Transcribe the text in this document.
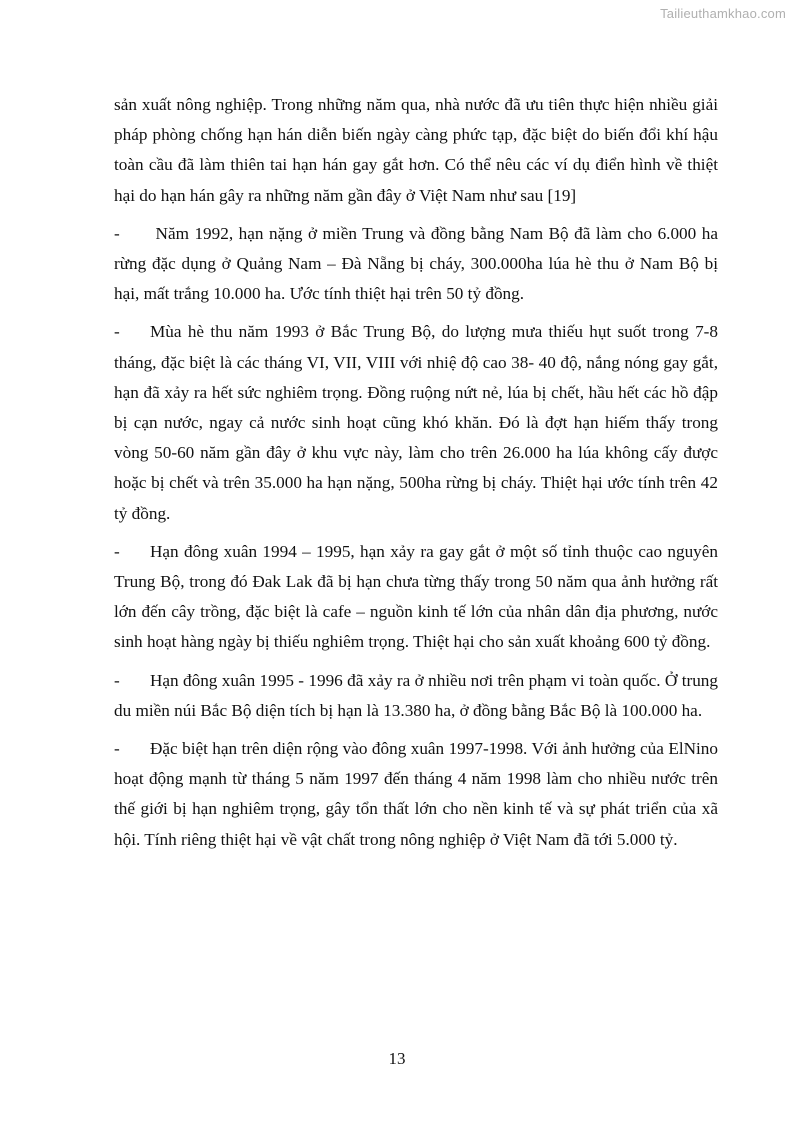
Tailieuthamkhao.com

sản xuất nông nghiệp. Trong những năm qua, nhà nước đã ưu tiên thực hiện nhiều giải pháp phòng chống hạn hán diễn biến ngày càng phức tạp, đặc biệt do biến đổi khí hậu toàn cầu đã làm thiên tai hạn hán gay gắt hơn. Có thể nêu các ví dụ điển hình về thiệt hại do hạn hán gây ra những năm gần đây ở Việt Nam như sau [19]

- Năm 1992, hạn nặng ở miền Trung và đồng bằng Nam Bộ đã làm cho 6.000 ha rừng đặc dụng ở Quảng Nam – Đà Nẵng bị cháy, 300.000ha lúa hè thu ở Nam Bộ bị hại, mất trắng 10.000 ha. Ước tính thiệt hại trên 50 tỷ đồng.

- Mùa hè thu năm 1993 ở Bắc Trung Bộ, do lượng mưa thiếu hụt suốt trong 7-8 tháng, đặc biệt là các tháng VI, VII, VIII với nhiệ độ cao 38- 40 độ, nắng nóng gay gắt, hạn đã xảy ra hết sức nghiêm trọng. Đồng ruộng nứt nẻ, lúa bị chết, hầu hết các hồ đập bị cạn nước, ngay cả nước sinh hoạt cũng khó khăn. Đó là đợt hạn hiếm thấy trong vòng 50-60 năm gần đây ở khu vực này, làm cho trên 26.000 ha lúa không cấy được hoặc bị chết và trên 35.000 ha hạn nặng, 500ha rừng bị cháy. Thiệt hại ước tính trên 42 tỷ đồng.

- Hạn đông xuân 1994 – 1995, hạn xảy ra gay gắt ở một số tỉnh thuộc cao nguyên Trung Bộ, trong đó Đak Lak đã bị hạn chưa từng thấy trong 50 năm qua ảnh hưởng rất lớn đến cây trồng, đặc biệt là cafe – nguồn kinh tế lớn của nhân dân địa phương, nước sinh hoạt hàng ngày bị thiếu nghiêm trọng. Thiệt hại cho sản xuất khoảng 600 tỷ đồng.

- Hạn đông xuân 1995 - 1996 đã xảy ra ở nhiều nơi trên phạm vi toàn quốc. Ở trung du miền núi Bắc Bộ diện tích bị hạn là 13.380 ha, ở đồng bằng Bắc Bộ là 100.000 ha.

- Đặc biệt hạn trên diện rộng vào đông xuân 1997-1998. Với ảnh hưởng của ElNino hoạt động mạnh từ tháng 5 năm 1997 đến tháng 4 năm 1998 làm cho nhiều nước trên thế giới bị hạn nghiêm trọng, gây tổn thất lớn cho nền kinh tế và sự phát triển của xã hội. Tính riêng thiệt hại về vật chất trong nông nghiệp ở Việt Nam đã tới 5.000 tỷ.

13
